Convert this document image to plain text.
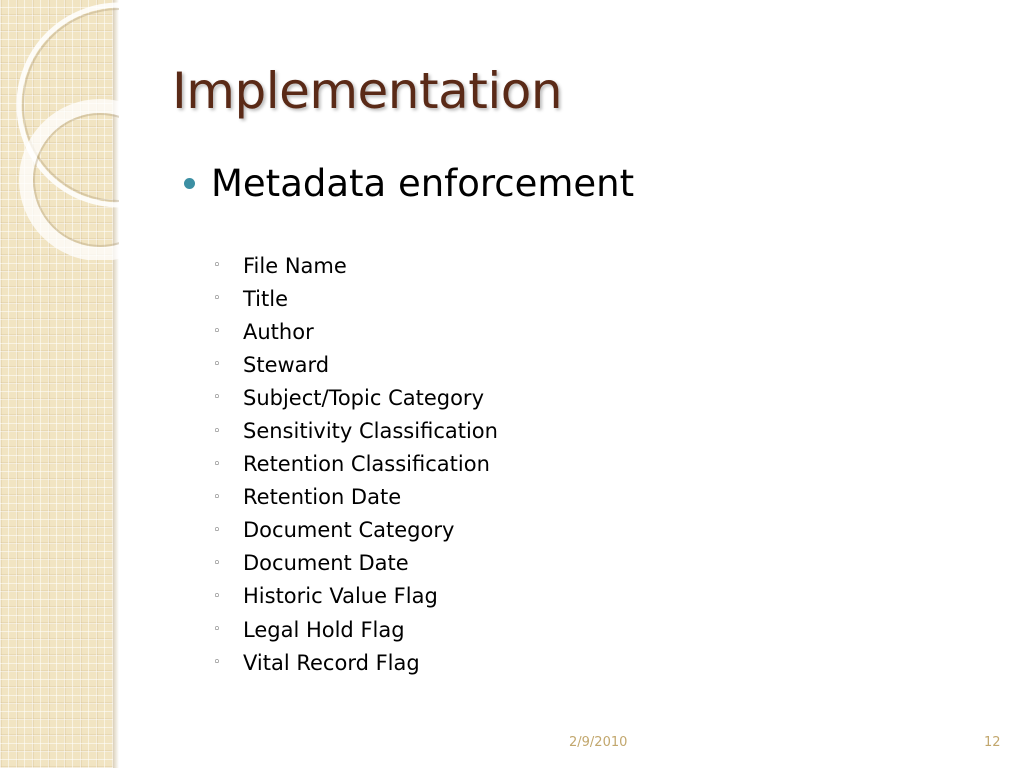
Implementation
Metadata enforcement
◦	File Name
◦	Title
◦	Author
◦	Steward
◦	Subject/Topic Category
◦	Sensitivity Classification
◦	Retention Classification
◦	Retention Date
◦	Document Category
◦	Document Date
◦	Historic Value Flag
◦	Legal Hold Flag
◦	Vital Record Flag
2/9/2010	12
